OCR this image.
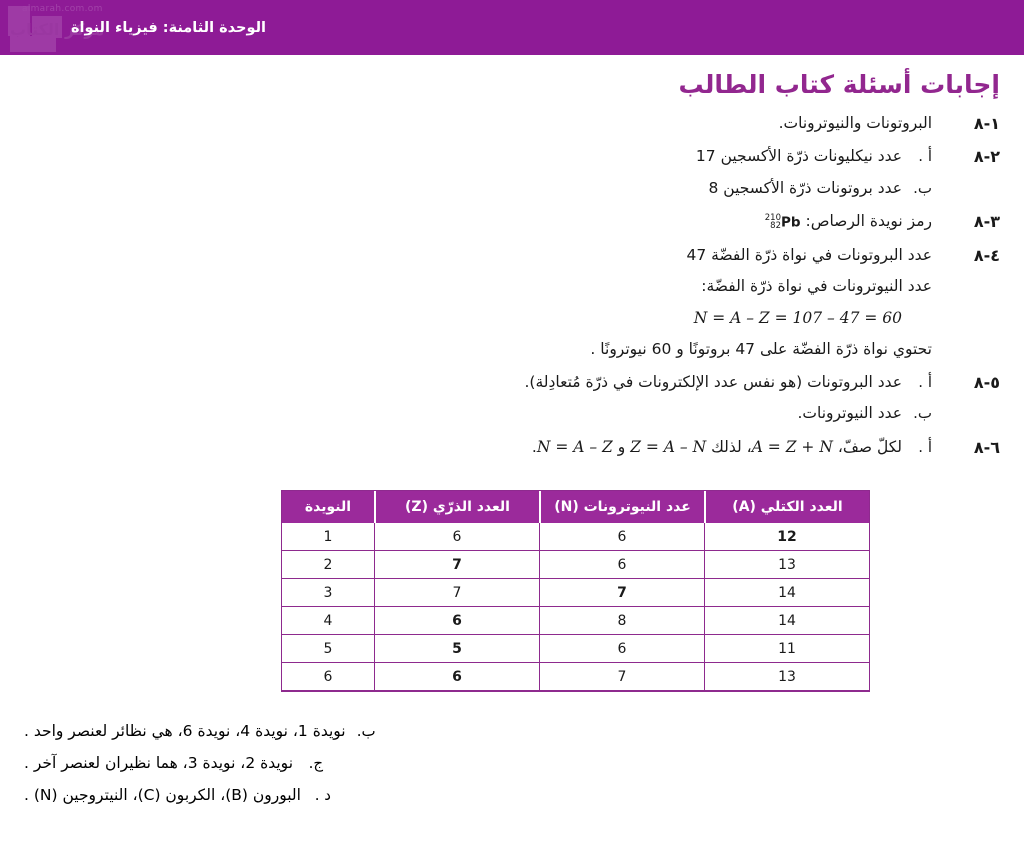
مركز الكتاب
almarah.com.om
الوحدة الثامنة: فيزياء النواة
إجابات أسئلة كتاب الطالب
١-٨
البروتونات والنيوترونات.
٢-٨
أ .
عدد نيكليونات ذرّة الأكسجين 17
ب.
عدد بروتونات ذرّة الأكسجين 8
٣-٨
رمز نويدة الرصاص:
210
82 Pb
٤-٨
عدد البروتونات في نواة ذرّة الفضّة 47
عدد النيوترونات في نواة ذرّة الفضّة:
N = A – Z = 107 – 47 = 60
تحتوي نواة ذرّة الفضّة على 47 بروتونًا و 60 نيوترونًا .
٥-٨
أ .
عدد البروتونات (هو نفس عدد الإلكترونات في ذرّة مُتعادِلة).
ب.
عدد النيوترونات.
٦-٨
أ .
لكلّ صفّ، A = Z + N، لذلك Z = A – N و N = A – Z.
العدد الكتلي (A)	عدد النيوترونات (N)	العدد الذرّي (Z)	النويدة
12	6	6	1
13	6	7	2
14	7	7	3
14	8	6	4
11	6	5	5
13	7	6	6
ب.
نويدة 1، نويدة 4، نويدة 6، هي نظائر لعنصر واحد .
ج.
نويدة 2، نويدة 3، هما نظيران لعنصر آخر .
د .
البورون (B)، الكربون (C)، النيتروجين (N) .
